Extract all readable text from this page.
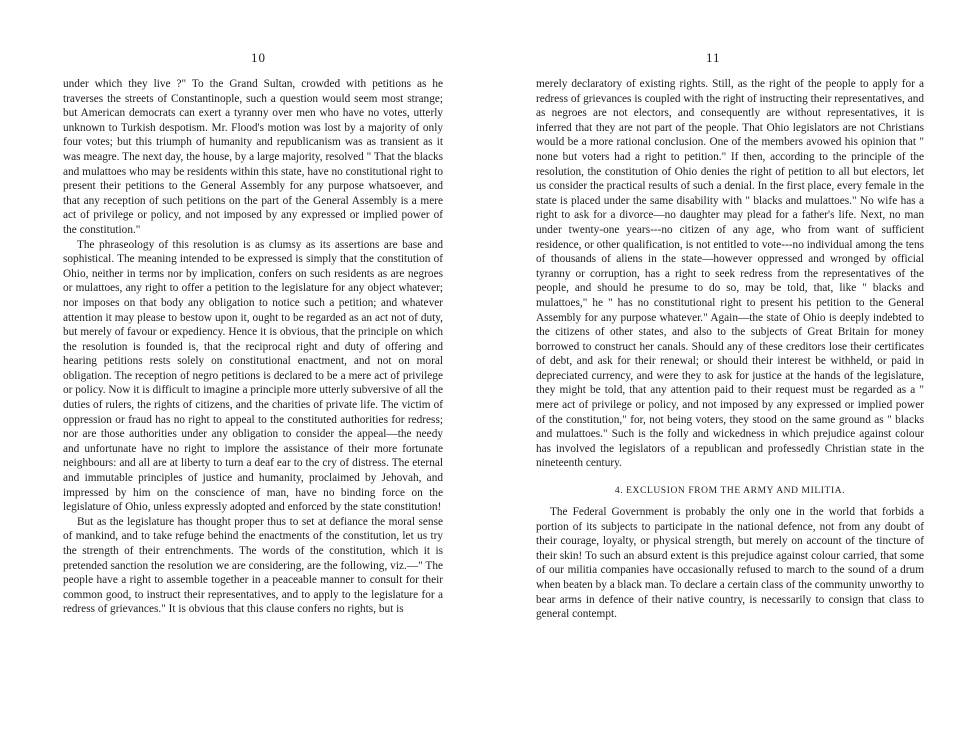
10

under which they live ?" To the Grand Sultan, crowded with petitions as he traverses the streets of Constantinople, such a question would seem most strange; but American democrats can exert a tyranny over men who have no votes, utterly unknown to Turkish despotism. Mr. Flood's motion was lost by a majority of only four votes; but this triumph of humanity and republicanism was as transient as it was meagre. The next day, the house, by a large majority, resolved " That the blacks and mulattoes who may be residents within this state, have no constitutional right to present their petitions to the General Assembly for any purpose whatsoever, and that any reception of such petitions on the part of the General Assembly is a mere act of privilege or policy, and not imposed by any expressed or implied power of the constitution."

The phraseology of this resolution is as clumsy as its assertions are base and sophistical. The meaning intended to be expressed is simply that the constitution of Ohio, neither in terms nor by implication, confers on such residents as are negroes or mulattoes, any right to offer a petition to the legislature for any object whatever; nor imposes on that body any obligation to notice such a petition; and whatever attention it may please to bestow upon it, ought to be regarded as an act not of duty, but merely of favour or expediency. Hence it is obvious, that the principle on which the resolution is founded is, that the reciprocal right and duty of offering and hearing petitions rests solely on constitutional enactment, and not on moral obligation. The reception of negro petitions is declared to be a mere act of privilege or policy. Now it is difficult to imagine a principle more utterly subversive of all the duties of rulers, the rights of citizens, and the charities of private life. The victim of oppression or fraud has no right to appeal to the constituted authorities for redress; nor are those authorities under any obligation to consider the appeal—the needy and unfortunate have no right to implore the assistance of their more fortunate neighbours: and all are at liberty to turn a deaf ear to the cry of distress. The eternal and immutable principles of justice and humanity, proclaimed by Jehovah, and impressed by him on the conscience of man, have no binding force on the legislature of Ohio, unless expressly adopted and enforced by the state constitution!

But as the legislature has thought proper thus to set at defiance the moral sense of mankind, and to take refuge behind the enactments of the constitution, let us try the strength of their entrenchments. The words of the constitution, which it is pretended sanction the resolution we are considering, are the following, viz.—" The people have a right to assemble together in a peaceable manner to consult for their common good, to instruct their representatives, and to apply to the legislature for a redress of grievances." It is obvious that this clause confers no rights, but is

11

merely declaratory of existing rights. Still, as the right of the people to apply for a redress of grievances is coupled with the right of instructing their representatives, and as negroes are not electors, and consequently are without representatives, it is inferred that they are not part of the people. That Ohio legislators are not Christians would be a more rational conclusion. One of the members avowed his opinion that " none but voters had a right to petition." If then, according to the principle of the resolution, the constitution of Ohio denies the right of petition to all but electors, let us consider the practical results of such a denial. In the first place, every female in the state is placed under the same disability with " blacks and mulattoes." No wife has a right to ask for a divorce—no daughter may plead for a father's life. Next, no man under twenty-one years---no citizen of any age, who from want of sufficient residence, or other qualification, is not entitled to vote---no individual among the tens of thousands of aliens in the state—however oppressed and wronged by official tyranny or corruption, has a right to seek redress from the representatives of the people, and should he presume to do so, may be told, that, like " blacks and mulattoes," he " has no constitutional right to present his petition to the General Assembly for any purpose whatever." Again—the state of Ohio is deeply indebted to the citizens of other states, and also to the subjects of Great Britain for money borrowed to construct her canals. Should any of these creditors lose their certificates of debt, and ask for their renewal; or should their interest be withheld, or paid in depreciated currency, and were they to ask for justice at the hands of the legislature, they might be told, that any attention paid to their request must be regarded as a " mere act of privilege or policy, and not imposed by any expressed or implied power of the constitution," for, not being voters, they stood on the same ground as " blacks and mulattoes." Such is the folly and wickedness in which prejudice against colour has involved the legislators of a republican and professedly Christian state in the nineteenth century.

4. EXCLUSION FROM THE ARMY AND MILITIA.

The Federal Government is probably the only one in the world that forbids a portion of its subjects to participate in the national defence, not from any doubt of their courage, loyalty, or physical strength, but merely on account of the tincture of their skin! To such an absurd extent is this prejudice against colour carried, that some of our militia companies have occasionally refused to march to the sound of a drum when beaten by a black man. To declare a certain class of the community unworthy to bear arms in defence of their native country, is necessarily to consign that class to general contempt.
